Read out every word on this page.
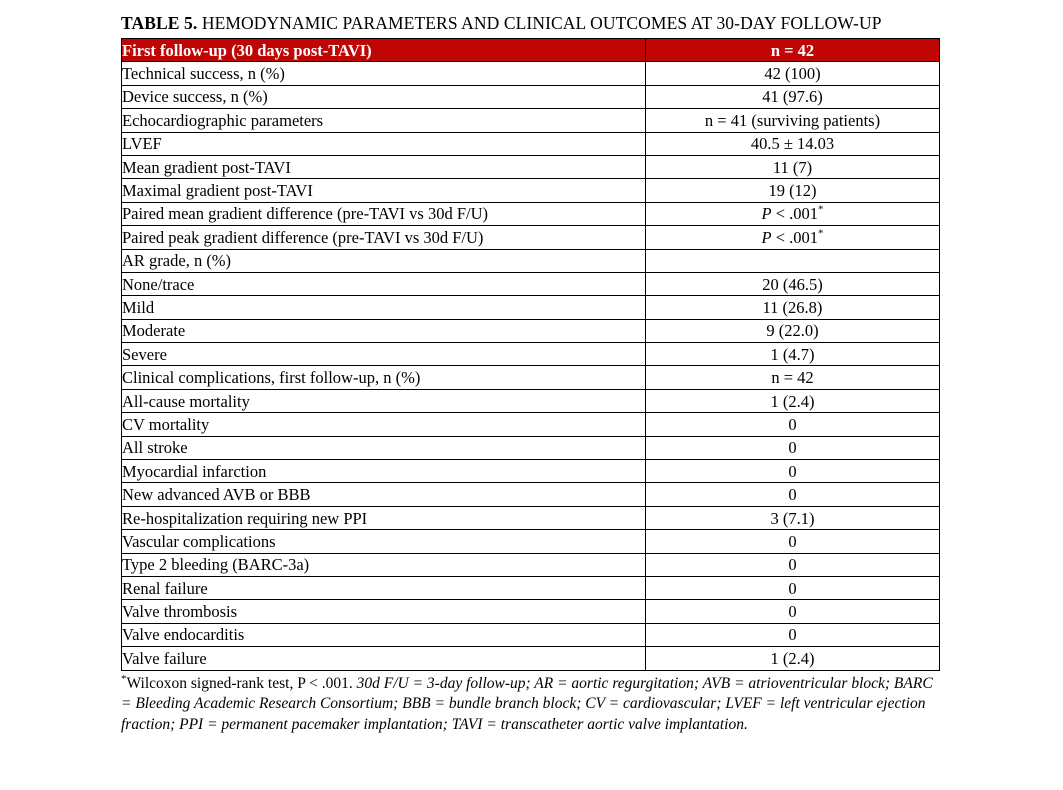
TABLE 5. HEMODYNAMIC PARAMETERS AND CLINICAL OUTCOMES AT 30-DAY FOLLOW-UP
First follow-up (30 days post-TAVI)	n = 42
Technical success, n (%)	42 (100)
Device success, n (%)	41 (97.6)
Echocardiographic parameters	n = 41 (surviving patients)
LVEF	40.5 ± 14.03
Mean gradient post-TAVI	11 (7)
Maximal gradient post-TAVI	19 (12)
Paired mean gradient difference (pre-TAVI vs 30d F/U)	P < .001*
Paired peak gradient difference (pre-TAVI vs 30d F/U)	P < .001*
AR grade, n (%)	
None/trace	20 (46.5)
Mild	11 (26.8)
Moderate	9 (22.0)
Severe	1 (4.7)
Clinical complications, first follow-up, n (%)	n = 42
All-cause mortality	1 (2.4)
CV mortality	0
All stroke	0
Myocardial infarction	0
New advanced AVB or BBB	0
Re-hospitalization requiring new PPI	3 (7.1)
Vascular complications	0
Type 2 bleeding (BARC-3a)	0
Renal failure	0
Valve thrombosis	0
Valve endocarditis	0
Valve failure	1 (2.4)
*Wilcoxon signed-rank test, P < .001. 30d F/U = 3-day follow-up; AR = aortic regurgitation; AVB = atrioventricular block; BARC = Bleeding Academic Research Consortium; BBB = bundle branch block; CV = cardiovascular; LVEF = left ventricular ejection fraction; PPI = permanent pacemaker implantation; TAVI = transcatheter aortic valve implantation.
